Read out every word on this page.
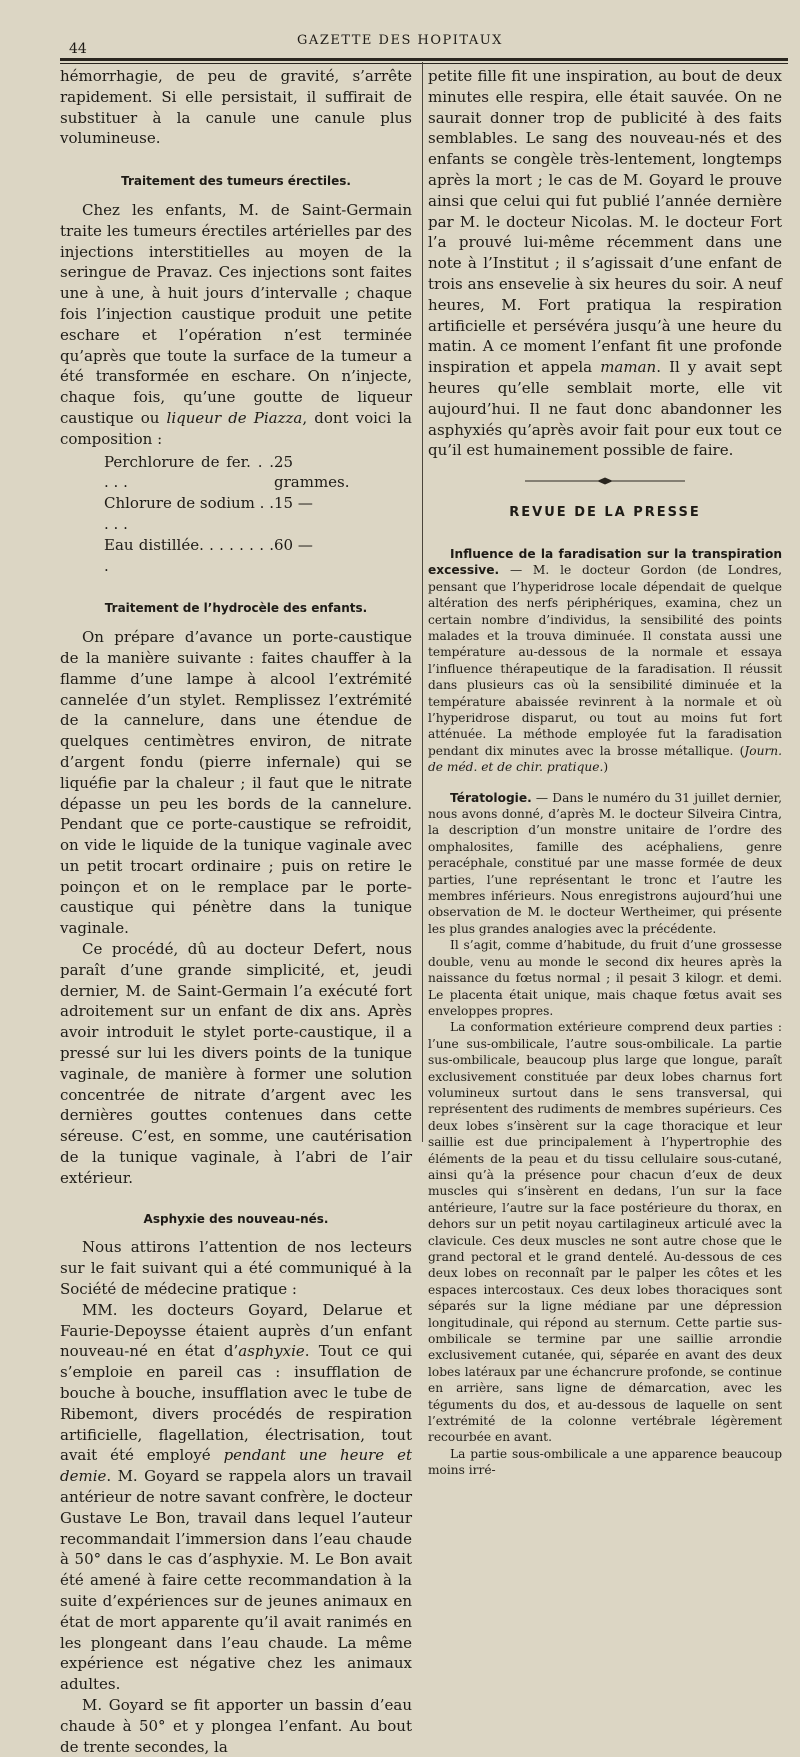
44
GAZETTE DES HOPITAUX

hémorrhagie, de peu de gravité, s’arrête rapidement. Si elle persistait, il suffirait de substituer à la canule une canule plus volumineuse.

Traitement des tumeurs érectiles.

Chez les enfants, M. de Saint-Germain traite les tumeurs érectiles artérielles par des injections interstitielles au moyen de la seringue de Pravaz. Ces injections sont faites une à une, à huit jours d’intervalle ; chaque fois l’injection caustique produit une petite eschare et l’opération n’est terminée qu’après que toute la surface de la tumeur a été transformée en eschare. On n’injecte, chaque fois, qu’une goutte de liqueur caustique ou liqueur de Piazza, dont voici la composition :

Perchlorure de fer. . . . . .
25 grammes.
Chlorure de sodium . . . . .
15 —
Eau distillée. . . . . . . . .
60 —
Traitement de l’hydrocèle des enfants.

On prépare d’avance un porte-caustique de la manière suivante : faites chauffer à la flamme d’une lampe à alcool l’extrémité cannelée d’un stylet. Remplissez l’extrémité de la cannelure, dans une étendue de quelques centimètres environ, de nitrate d’argent fondu (pierre infernale) qui se liquéfie par la chaleur ; il faut que le nitrate dépasse un peu les bords de la cannelure. Pendant que ce porte-caustique se refroidit, on vide le liquide de la tunique vaginale avec un petit trocart ordinaire ; puis on retire le poinçon et on le remplace par le porte-caustique qui pénètre dans la tunique vaginale.

Ce procédé, dû au docteur Defert, nous paraît d’une grande simplicité, et, jeudi dernier, M. de Saint-Germain l’a exécuté fort adroitement sur un enfant de dix ans. Après avoir introduit le stylet porte-caustique, il a pressé sur lui les divers points de la tunique vaginale, de manière à former une solution concentrée de nitrate d’argent avec les dernières gouttes contenues dans cette séreuse. C’est, en somme, une cautérisation de la tunique vaginale, à l’abri de l’air extérieur.

Asphyxie des nouveau-nés.

Nous attirons l’attention de nos lecteurs sur le fait suivant qui a été communiqué à la Société de médecine pratique :

MM. les docteurs Goyard, Delarue et Faurie-Depoysse étaient auprès d’un enfant nouveau-né en état d’asphyxie. Tout ce qui s’emploie en pareil cas : insufflation de bouche à bouche, insufflation avec le tube de Ribemont, divers procédés de respiration artificielle, flagellation, électrisation, tout avait été employé pendant une heure et demie. M. Goyard se rappela alors un travail antérieur de notre savant confrère, le docteur Gustave Le Bon, travail dans lequel l’auteur recommandait l’immersion dans l’eau chaude à 50° dans le cas d’asphyxie. M. Le Bon avait été amené à faire cette recommandation à la suite d’expériences sur de jeunes animaux en état de mort apparente qu’il avait ranimés en les plongeant dans l’eau chaude. La même expérience est négative chez les animaux adultes.

M. Goyard se fit apporter un bassin d’eau chaude à 50° et y plongea l’enfant. Au bout de trente secondes, la

petite fille fit une inspiration, au bout de deux minutes elle respira, elle était sauvée. On ne saurait donner trop de publicité à des faits semblables. Le sang des nouveau-nés et des enfants se congèle très-lentement, longtemps après la mort ; le cas de M. Goyard le prouve ainsi que celui qui fut publié l’année dernière par M. le docteur Nicolas. M. le docteur Fort l’a prouvé lui-même récemment dans une note à l’Institut ; il s’agissait d’une enfant de trois ans ensevelie à six heures du soir. A neuf heures, M. Fort pratiqua la respiration artificielle et persévéra jusqu’à une heure du matin. A ce moment l’enfant fit une profonde inspiration et appela maman. Il y avait sept heures qu’elle semblait morte, elle vit aujourd’hui. Il ne faut donc abandonner les asphyxiés qu’après avoir fait pour eux tout ce qu’il est humainement possible de faire.

REVUE DE LA PRESSE

Influence de la faradisation sur la transpiration excessive. — M. le docteur Gordon (de Londres, pensant que l’hyperidrose locale dépendait de quelque altération des nerfs périphériques, examina, chez un certain nombre d’individus, la sensibilité des points malades et la trouva diminuée. Il constata aussi une température au-dessous de la normale et essaya l’influence thérapeutique de la faradisation. Il réussit dans plusieurs cas où la sensibilité diminuée et la température abaissée revinrent à la normale et où l’hyperidrose disparut, ou tout au moins fut fort atténuée. La méthode employée fut la faradisation pendant dix minutes avec la brosse métallique. (Journ. de méd. et de chir. pratique.)

Tératologie. — Dans le numéro du 31 juillet dernier, nous avons donné, d’après M. le docteur Silveira Cintra, la description d’un monstre unitaire de l’ordre des omphalosites, famille des acéphaliens, genre peracéphale, constitué par une masse formée de deux parties, l’une représentant le tronc et l’autre les membres inférieurs. Nous enregistrons aujourd’hui une observation de M. le docteur Wertheimer, qui présente les plus grandes analogies avec la précédente.

Il s’agit, comme d’habitude, du fruit d’une grossesse double, venu au monde le second dix heures après la naissance du fœtus normal ; il pesait 3 kilogr. et demi. Le placenta était unique, mais chaque fœtus avait ses enveloppes propres.

La conformation extérieure comprend deux parties : l’une sus-ombilicale, l’autre sous-ombilicale. La partie sus-ombilicale, beaucoup plus large que longue, paraît exclusivement constituée par deux lobes charnus fort volumineux surtout dans le sens transversal, qui représentent des rudiments de membres supérieurs. Ces deux lobes s’insèrent sur la cage thoracique et leur saillie est due principalement à l’hypertrophie des éléments de la peau et du tissu cellulaire sous-cutané, ainsi qu’à la présence pour chacun d’eux de deux muscles qui s’insèrent en dedans, l’un sur la face antérieure, l’autre sur la face postérieure du thorax, en dehors sur un petit noyau cartilagineux articulé avec la clavicule. Ces deux muscles ne sont autre chose que le grand pectoral et le grand dentelé. Au-dessous de ces deux lobes on reconnaît par le palper les côtes et les espaces intercostaux. Ces deux lobes thoraciques sont séparés sur la ligne médiane par une dépression longitudinale, qui répond au sternum. Cette partie sus-ombilicale se termine par une saillie arrondie exclusivement cutanée, qui, séparée en avant des deux lobes latéraux par une échancrure profonde, se continue en arrière, sans ligne de démarcation, avec les téguments du dos, et au-dessous de laquelle on sent l’extrémité de la colonne vertébrale légèrement recourbée en avant.

La partie sous-ombilicale a une apparence beaucoup moins irré-
